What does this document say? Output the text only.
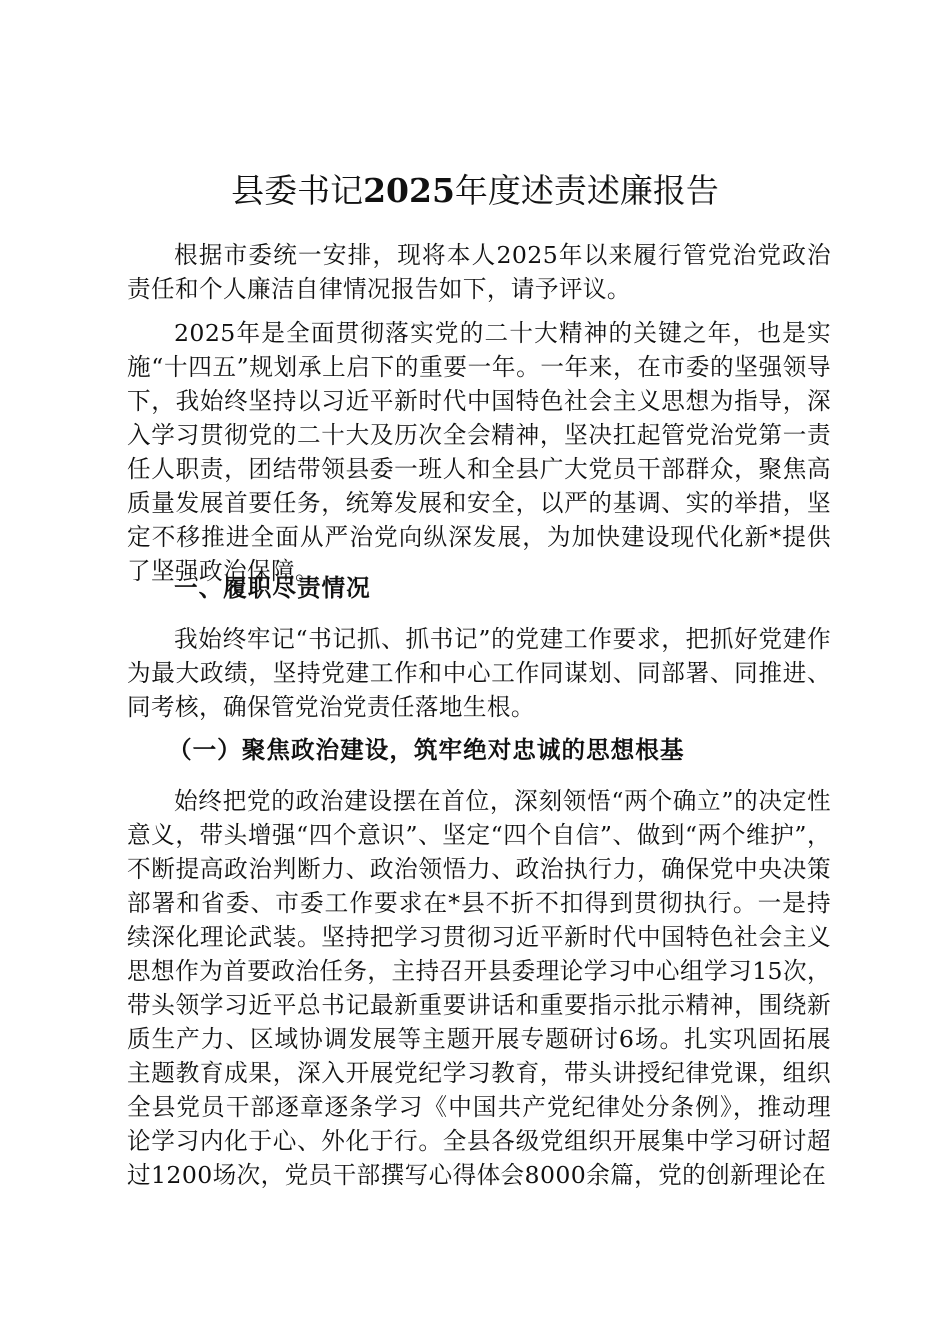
县委书记2025年度述责述廉报告

根据市委统一安排，现将本人2025年以来履行管党治党政治责任和个人廉洁自律情况报告如下，请予评议。

2025年是全面贯彻落实党的二十大精神的关键之年，也是实施“十四五”规划承上启下的重要一年。一年来，在市委的坚强领导下，我始终坚持以习近平新时代中国特色社会主义思想为指导，深入学习贯彻党的二十大及历次全会精神，坚决扛起管党治党第一责任人职责，团结带领县委一班人和全县广大党员干部群众，聚焦高质量发展首要任务，统筹发展和安全，以严的基调、实的举措，坚定不移推进全面从严治党向纵深发展，为加快建设现代化新*提供了坚强政治保障。

一、履职尽责情况

我始终牢记“书记抓、抓书记”的党建工作要求，把抓好党建作为最大政绩，坚持党建工作和中心工作同谋划、同部署、同推进、同考核，确保管党治党责任落地生根。

（一）聚焦政治建设，筑牢绝对忠诚的思想根基

始终把党的政治建设摆在首位，深刻领悟“两个确立”的决定性意义，带头增强“四个意识”、坚定“四个自信”、做到“两个维护”，不断提高政治判断力、政治领悟力、政治执行力，确保党中央决策部署和省委、市委工作要求在*县不折不扣得到贯彻执行。一是持续深化理论武装。坚持把学习贯彻习近平新时代中国特色社会主义思想作为首要政治任务，主持召开县委理论学习中心组学习15次，带头领学习近平总书记最新重要讲话和重要指示批示精神，围绕新质生产力、区域协调发展等主题开展专题研讨6场。扎实巩固拓展主题教育成果，深入开展党纪学习教育，带头讲授纪律党课，组织全县党员干部逐章逐条学习《中国共产党纪律处分条例》，推动理论学习内化于心、外化于行。全县各级党组织开展集中学习研讨超过1200场次，党员干部撰写心得体会8000余篇，党的创新理论在
